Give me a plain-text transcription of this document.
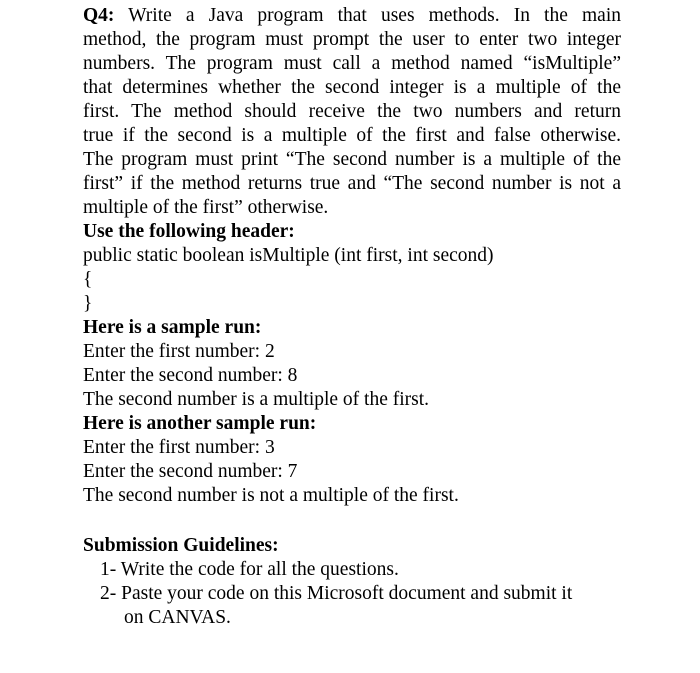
Q4: Write a Java program that uses methods. In the main
method, the program must prompt the user to enter two integer
numbers. The program must call a method named “isMultiple”
that determines whether the second integer is a multiple of the
first. The method should receive the two numbers and return
true if the second is a multiple of the first and false otherwise.
The program must print “The second number is a multiple of the
first” if the method returns true and “The second number is not a
multiple of the first” otherwise.
Use the following header:
public static boolean isMultiple (int first, int second)
{
}
Here is a sample run:
Enter the first number: 2
Enter the second number: 8
The second number is a multiple of the first.
Here is another sample run:
Enter the first number: 3
Enter the second number: 7
The second number is not a multiple of the first.
Submission Guidelines:
1- Write the code for all the questions.
2- Paste your code on this Microsoft document and submit it
on CANVAS.
